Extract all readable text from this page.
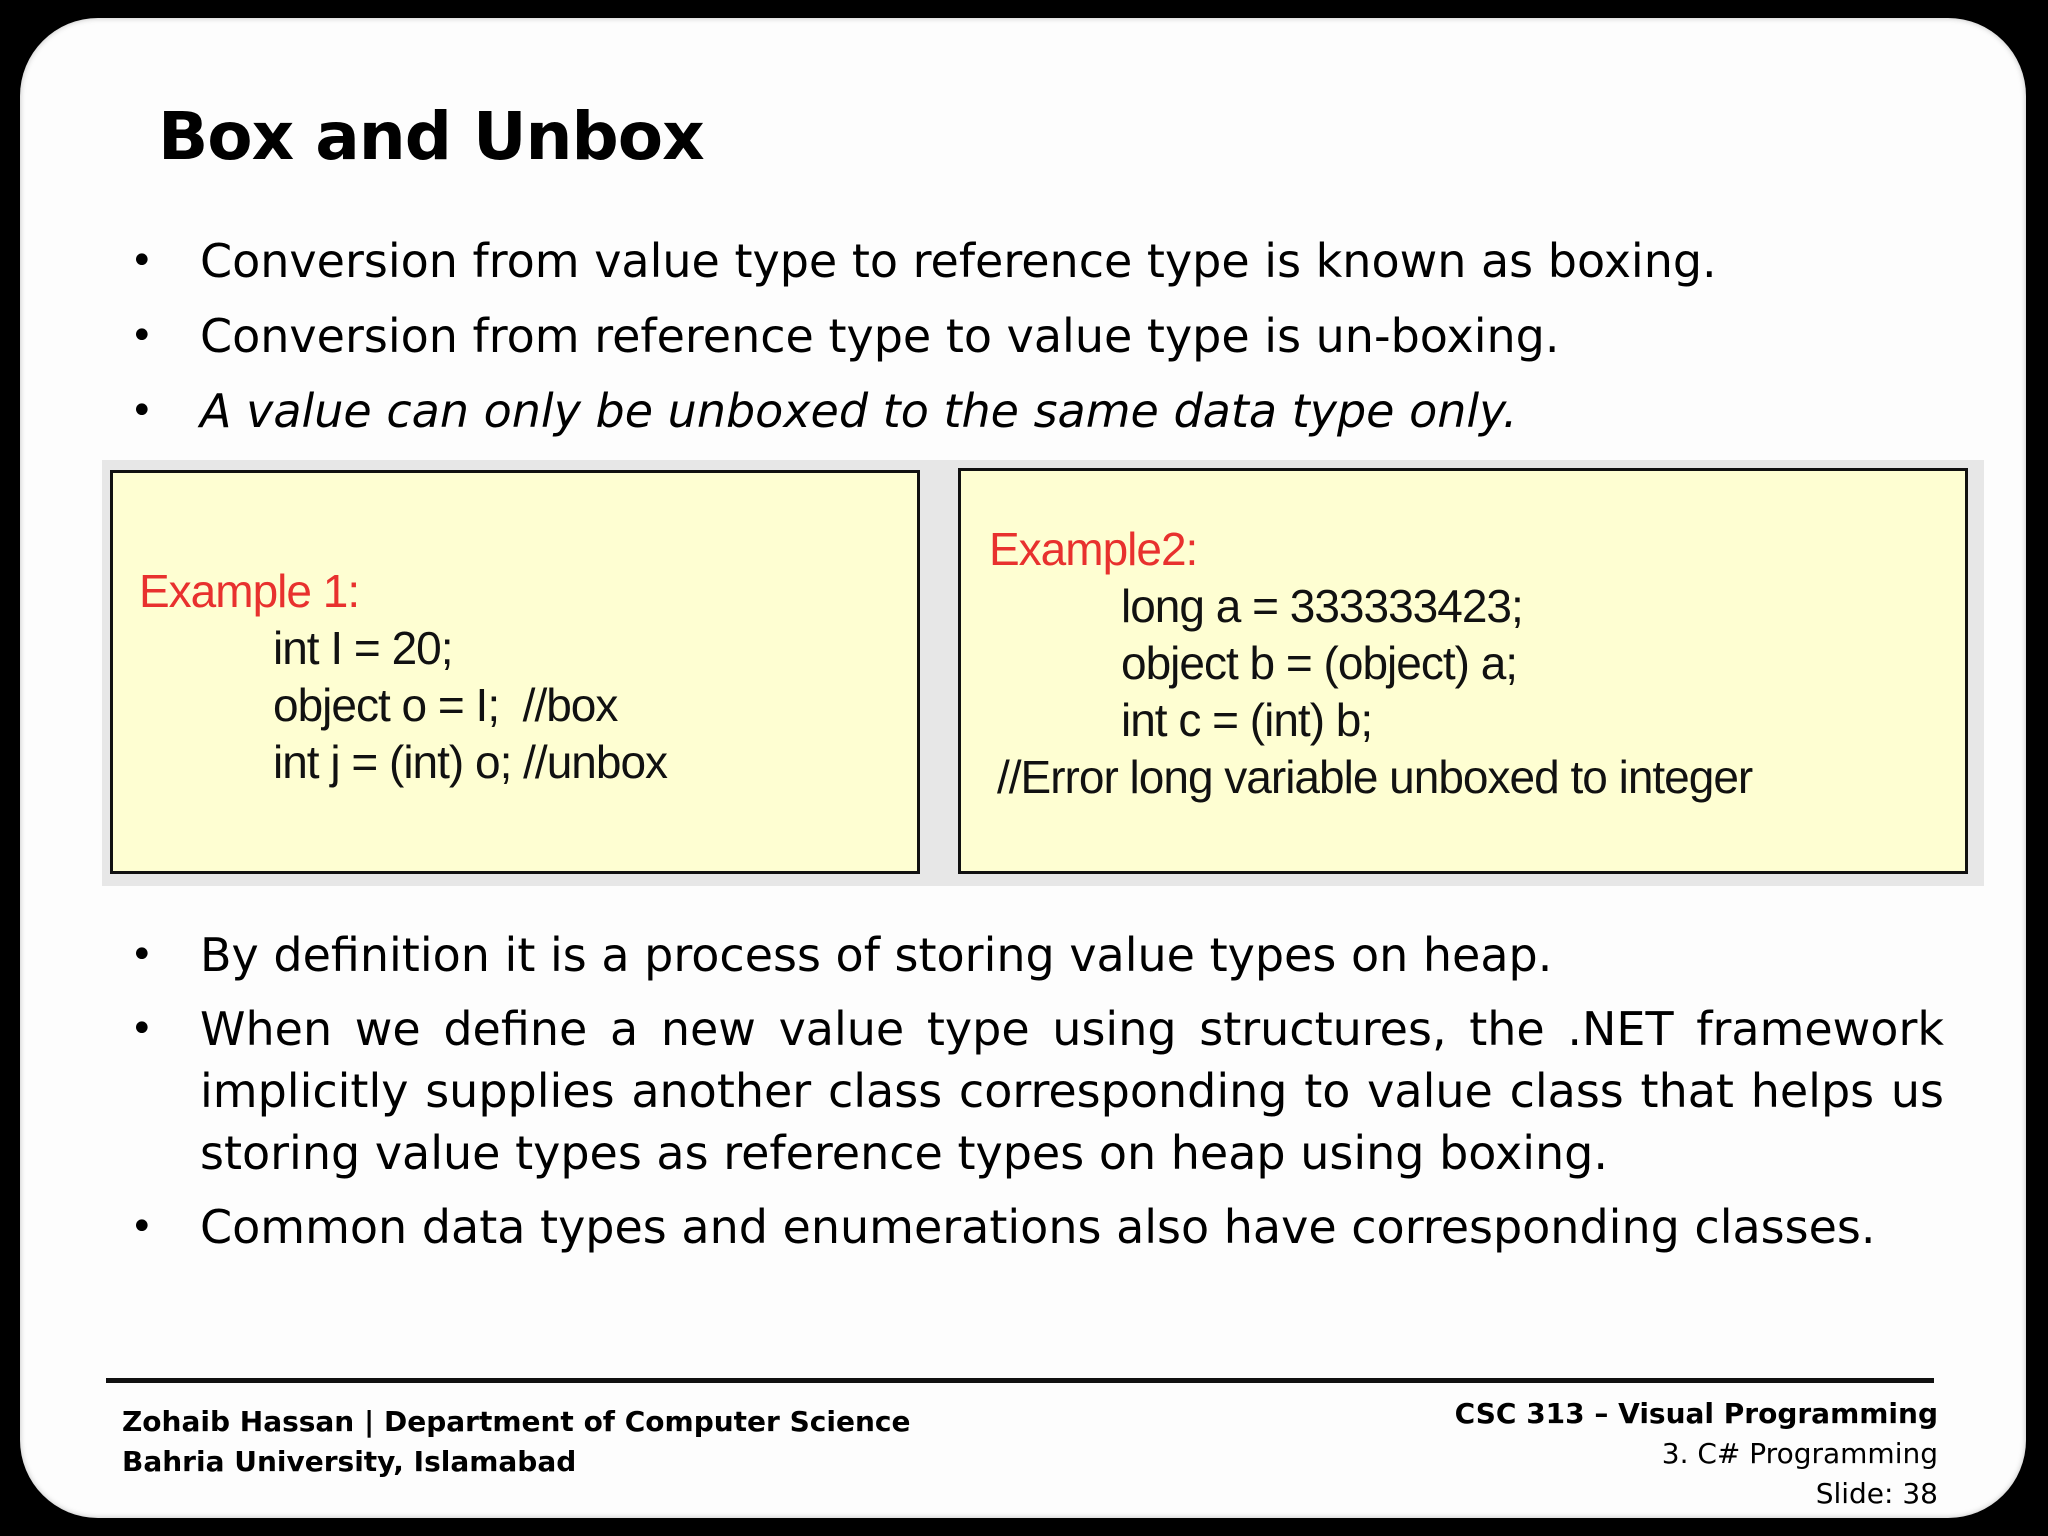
Box and Unbox
• Conversion from value type to reference type is known as boxing.
• Conversion from reference type to value type is un-boxing.
• A value can only be unboxed to the same data type only.
Example 1:
int I = 20;
object o = I;  //box
int j = (int) o; //unbox
Example2:
long a = 333333423;
object b = (object) a;
int c = (int) b;
//Error long variable unboxed to integer
• By definition it is a process of storing value types on heap.
• When we define a new value type using structures, the .NET framework implicitly supplies another class corresponding to value class that helps us storing value types as reference types on heap using boxing.
• Common data types and enumerations also have corresponding classes.
Zohaib Hassan | Department of Computer Science
Bahria University, Islamabad
CSC 313 – Visual Programming
3. C# Programming
Slide: 38
